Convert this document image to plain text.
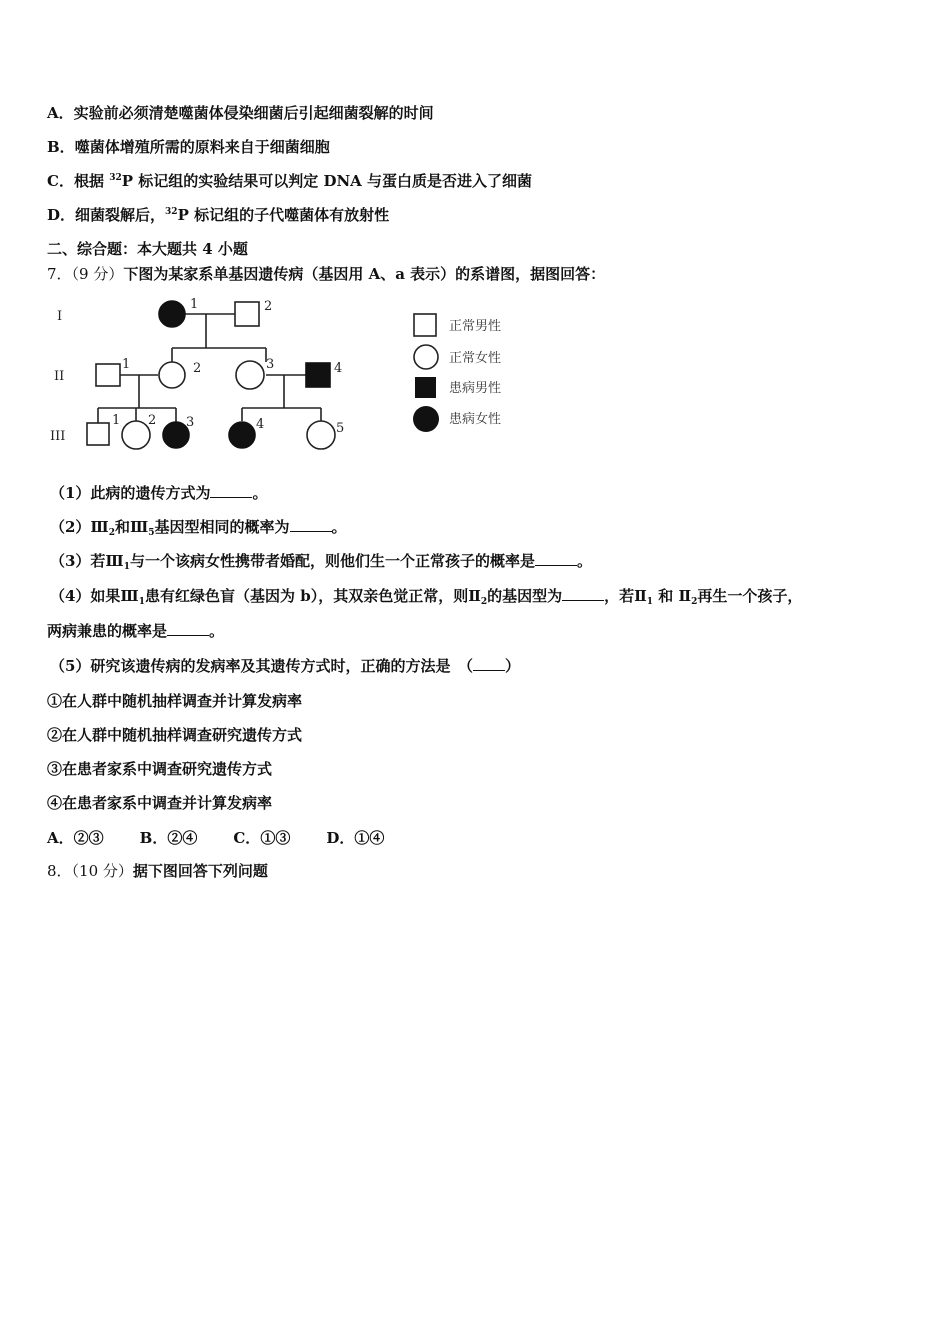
A．实验前必须清楚噬菌体侵染细菌后引起细菌裂解的时间
B．噬菌体增殖所需的原料来自于细菌细胞
C．根据 $^{32}$P 标记组的实验结果可以判定 DNA 与蛋白质是否进入了细菌
D．细菌裂解后，$^{32}$P 标记组的子代噬菌体有放射性
二、综合题：本大题共 4 小题
7．（9 分）下图为某家系单基因遗传病（基因用 A、a 表示）的系谱图，据图回答：
I
II
III
1	2
1	2	3	4
1 2 3	4	5
正常男性
正常女性
患病男性
患病女性
（1）此病的遗传方式为	。
$(2)Ⅲ_2$和$Ⅲ_5$基因型相同的概率为	。
（3）若$Ⅲ_1$与一个该病女性携带者婚配，则他们生一个正常孩子的概率是	。
（4）如果$Ⅲ_1$患有红绿色盲（基因为 b），其双亲色觉正常，则$Ⅱ_2$的基因型为	，若$Ⅱ_1$ 和 $Ⅱ_2$再生一个孩子，
两病兼患的概率是	。
（5）研究该遗传病的发病率及其遗传方式时，正确的方法是　（ ）
①在人群中随机抽样调查并计算发病率
②在人群中随机抽样调查研究遗传方式
③在患者家系中调查研究遗传方式
④在患者家系中调查并计算发病率
A．②③ B．②④ C．①③ D．①④
8．（10 分）据下图回答下列问题
